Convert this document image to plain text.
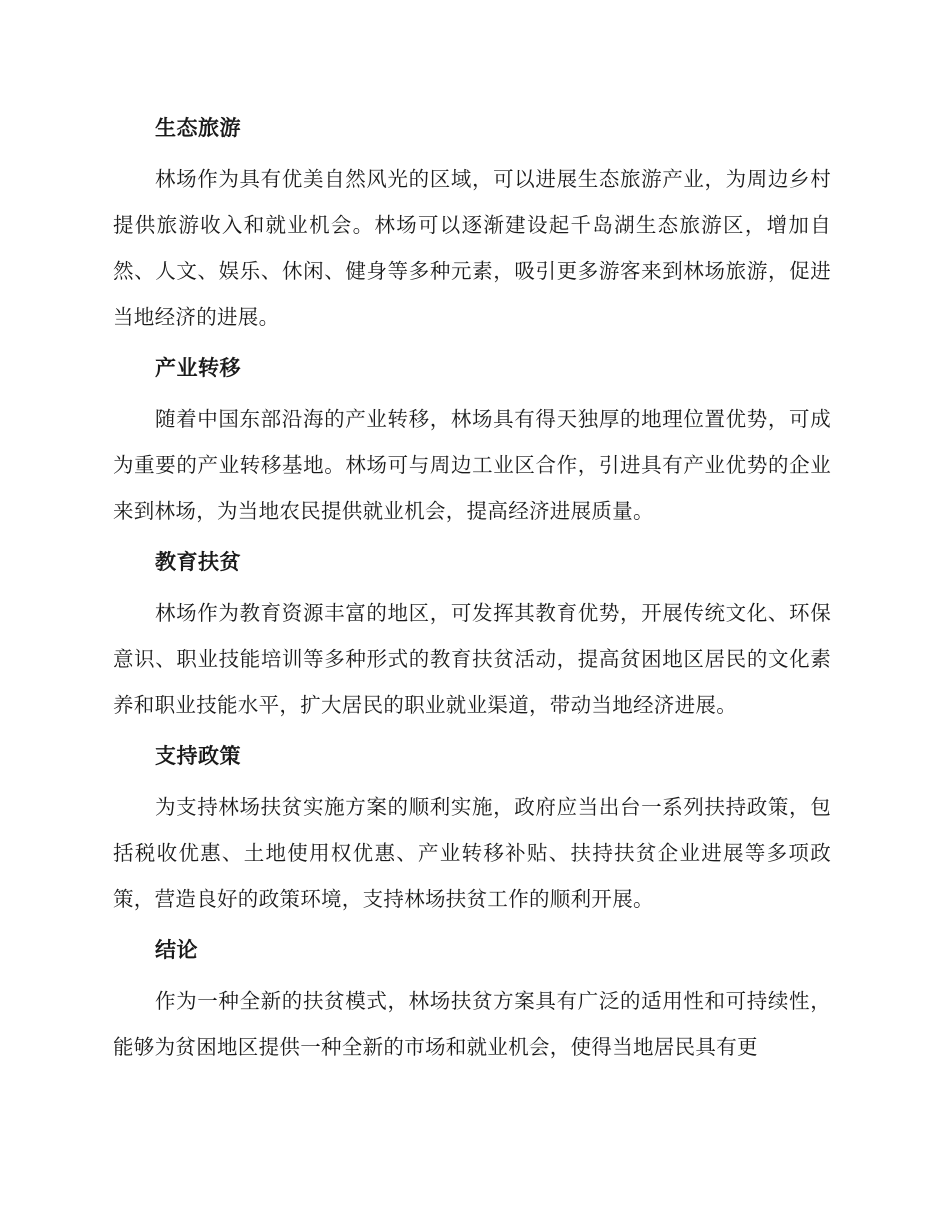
生态旅游

林场作为具有优美自然风光的区域，可以进展生态旅游产业，为周边乡村提供旅游收入和就业机会。林场可以逐渐建设起千岛湖生态旅游区，增加自然、人文、娱乐、休闲、健身等多种元素，吸引更多游客来到林场旅游，促进当地经济的进展。

产业转移

随着中国东部沿海的产业转移，林场具有得天独厚的地理位置优势，可成为重要的产业转移基地。林场可与周边工业区合作，引进具有产业优势的企业来到林场，为当地农民提供就业机会，提高经济进展质量。

教育扶贫

林场作为教育资源丰富的地区，可发挥其教育优势，开展传统文化、环保意识、职业技能培训等多种形式的教育扶贫活动，提高贫困地区居民的文化素养和职业技能水平，扩大居民的职业就业渠道，带动当地经济进展。

支持政策

为支持林场扶贫实施方案的顺利实施，政府应当出台一系列扶持政策，包括税收优惠、土地使用权优惠、产业转移补贴、扶持扶贫企业进展等多项政策，营造良好的政策环境，支持林场扶贫工作的顺利开展。

结论

作为一种全新的扶贫模式，林场扶贫方案具有广泛的适用性和可持续性，能够为贫困地区提供一种全新的市场和就业机会，使得当地居民具有更
